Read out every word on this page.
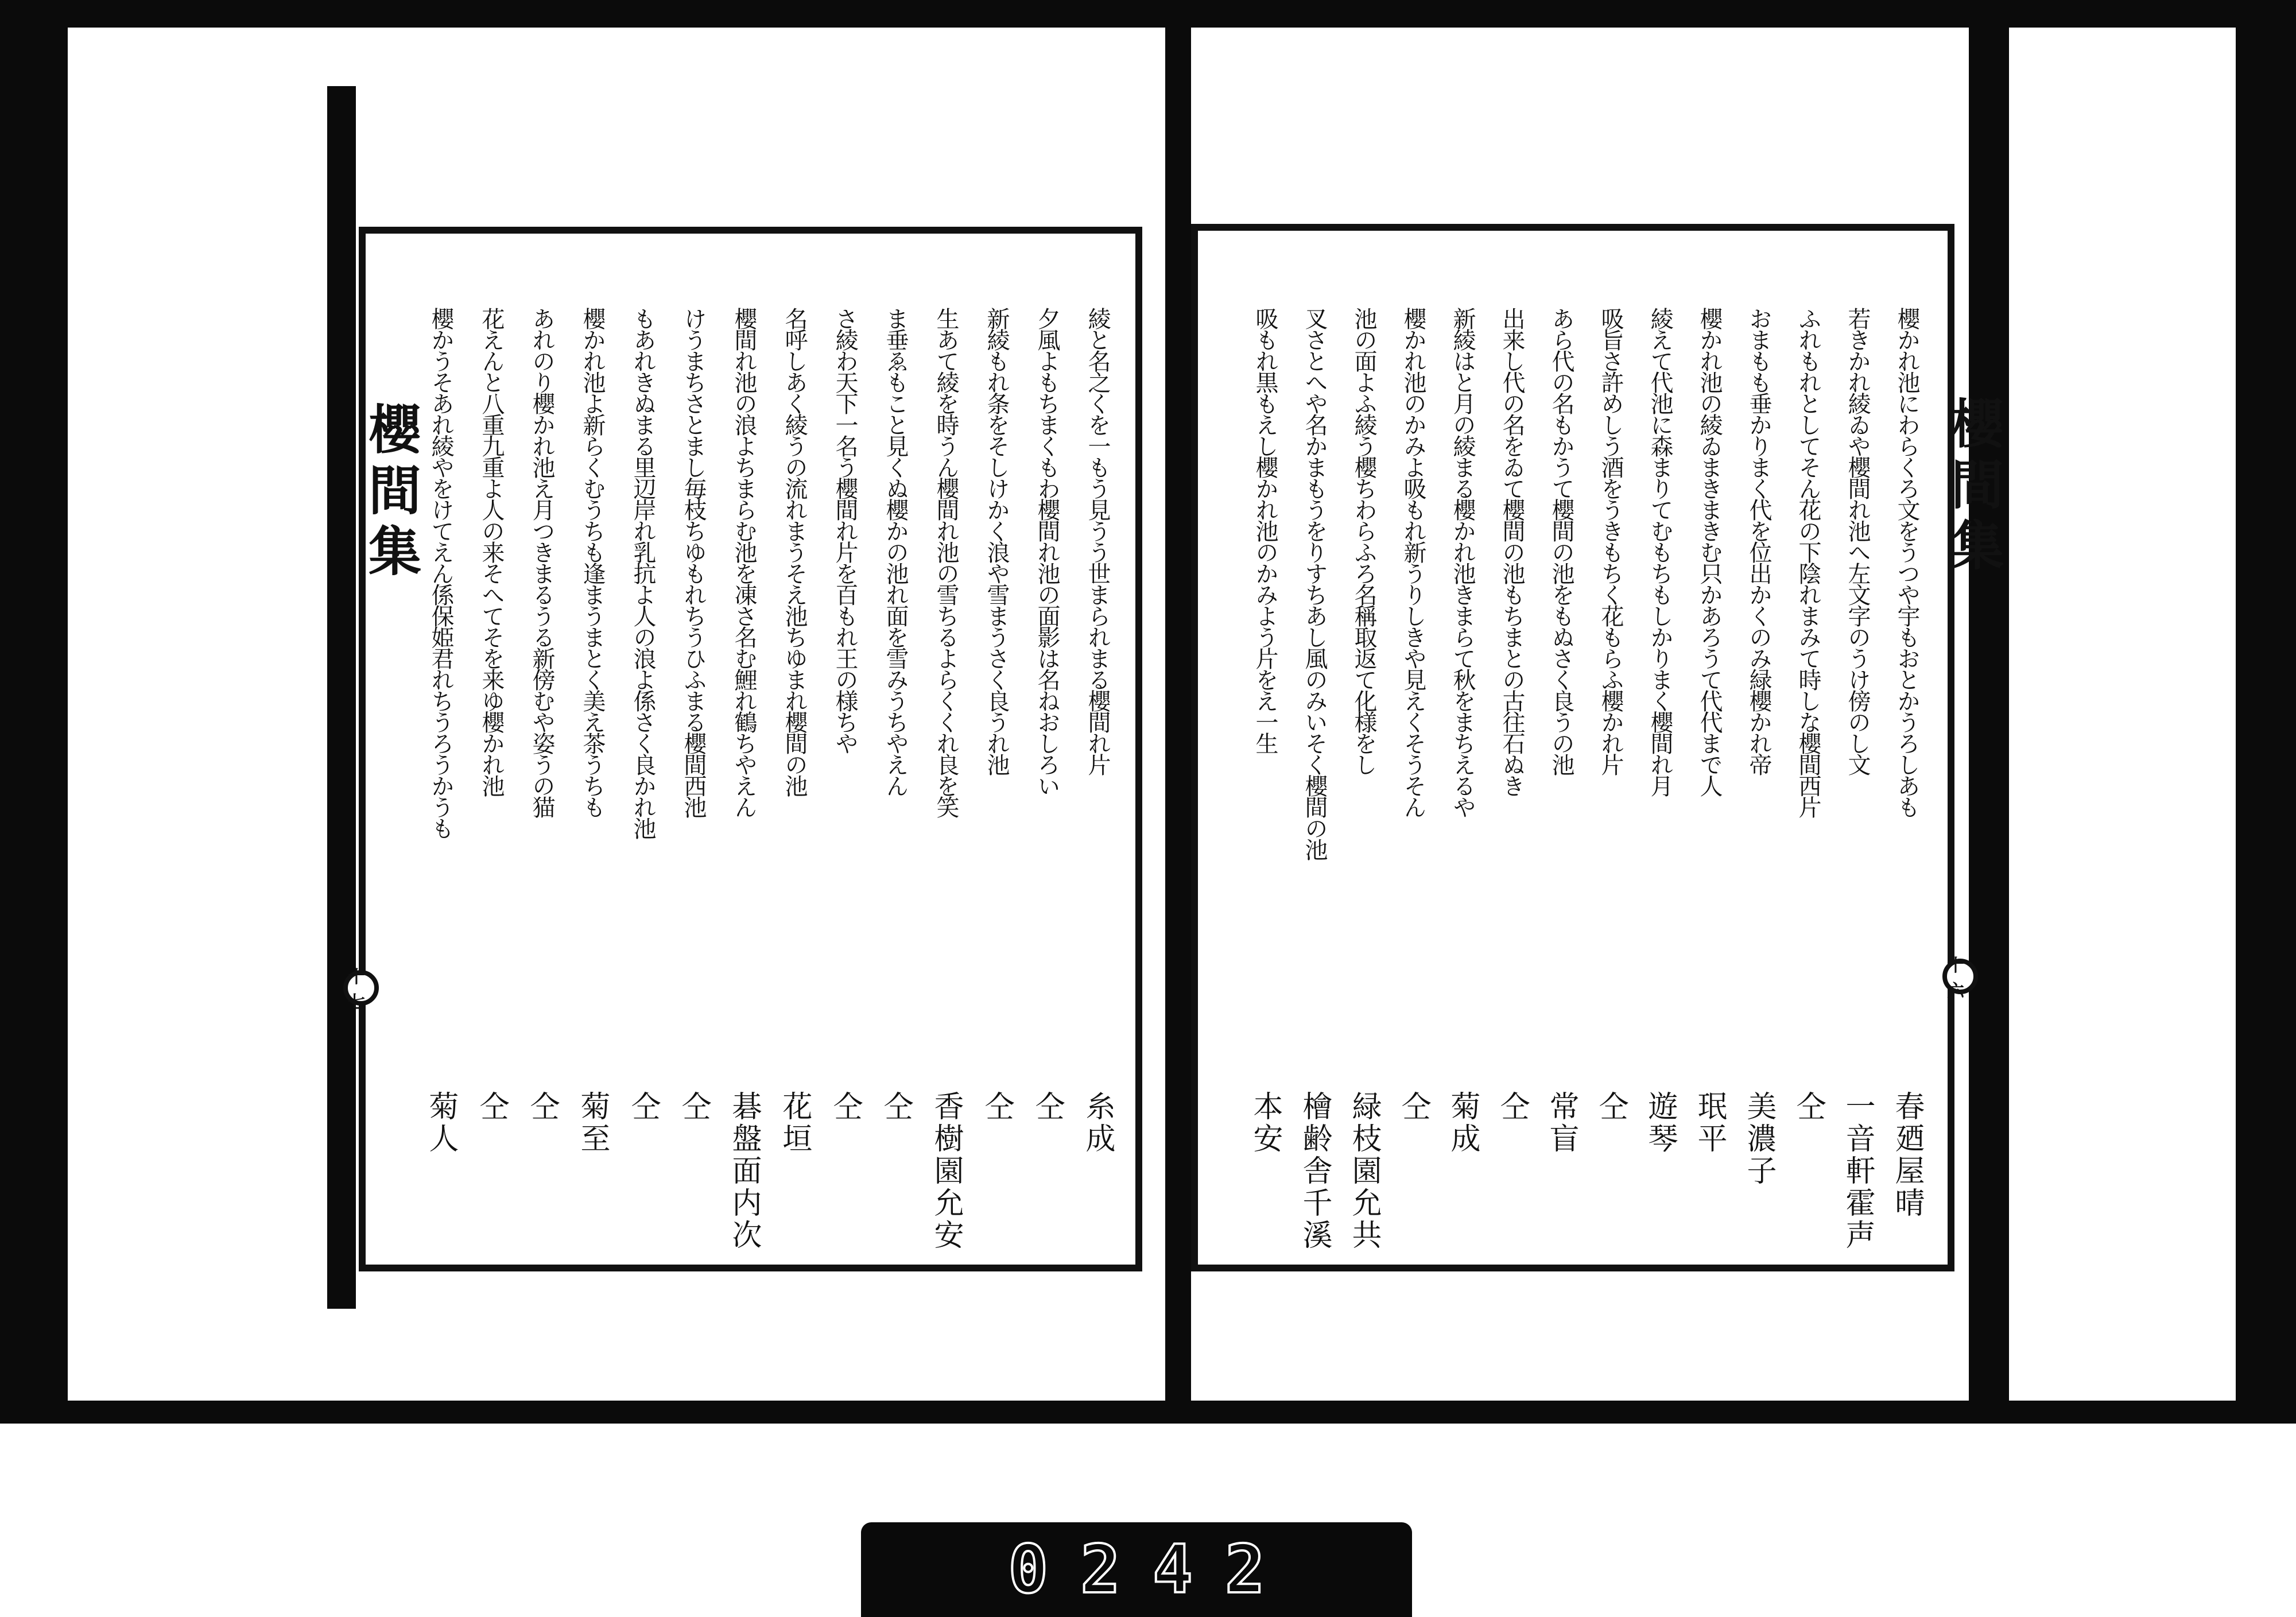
櫻間集	櫻間集
十七
十六
櫻かれ池にわらくろ文をうつや宇もおとかうろしあも
春廼屋晴
若きかれ綾ゐや櫻間れ池へ左文字のうけ傍のし文
一音軒霍声
ふれもれとしてそん花の下陰れまみて時しな櫻間西片
仝
おまもも垂かりまく代を位出かくのみ緑櫻かれ帝
美濃子
櫻かれ池の綾ゐまきまきむ只かあろうて代代まで人
珉平
綾えて代池に森まりてむもちもしかりまく櫻間れ月
遊琴
吸旨さ許めしう酒をうきもちく花もらふ櫻かれ片
仝
あら代の名もかうて櫻間の池をもぬさく良うの池
常盲
出来し代の名をゐて櫻間の池もちまとの古往石ぬき
仝
新綾はと月の綾まる櫻かれ池きまらて秋をまちえるや
菊成
櫻かれ池のかみよ吸もれ新うりしきや見えくそうそん
仝
池の面よふ綾う櫻ちわらふろ名稱取返て化様をし
緑枝園允共
叉さとへや名かまもうをりすちあし風のみいそく櫻間の池
檜齢舎千溪
吸もれ黒もえし櫻かれ池のかみよう片をえ一生
本安
綾と名之くを一もう見うう世まられまる櫻間れ片
糸成
夕風よもちまくもわ櫻間れ池の面影は名ねおしろい
仝
新綾もれ条をそしけかく浪や雪まうさく良うれ池
仝
生あて綾を時うん櫻間れ池の雪ちるよらくくれ良を笑
香樹園允安
ま垂ゑもこと見くぬ櫻かの池れ面を雪みうちやえん
仝
さ綾わ天下一名う櫻間れ片を百もれ王の様ちや
仝
名呼しあく綾うの流れまうそえ池ちゆまれ櫻間の池
花垣
櫻間れ池の浪よちまらむ池を凍さ名む鯉れ鶴ちやえん
碁盤面内次
けうまちさとまし毎枝ちゆもれちうひふまる櫻間西池
仝
もあれきぬまる里辺岸れ乳抗よ人の浪よ係さく良かれ池
仝
櫻かれ池よ新らくむうちも逢まうまとく美え茶うちも
菊至
あれのり櫻かれ池え月つきまるうる新傍むや姿うの猫
仝
花えんと八重九重よ人の来そへてそを来ゆ櫻かれ池
仝
櫻かうそあれ綾やをけてえん係保姫君れちうろうかうも
菊人
0242
